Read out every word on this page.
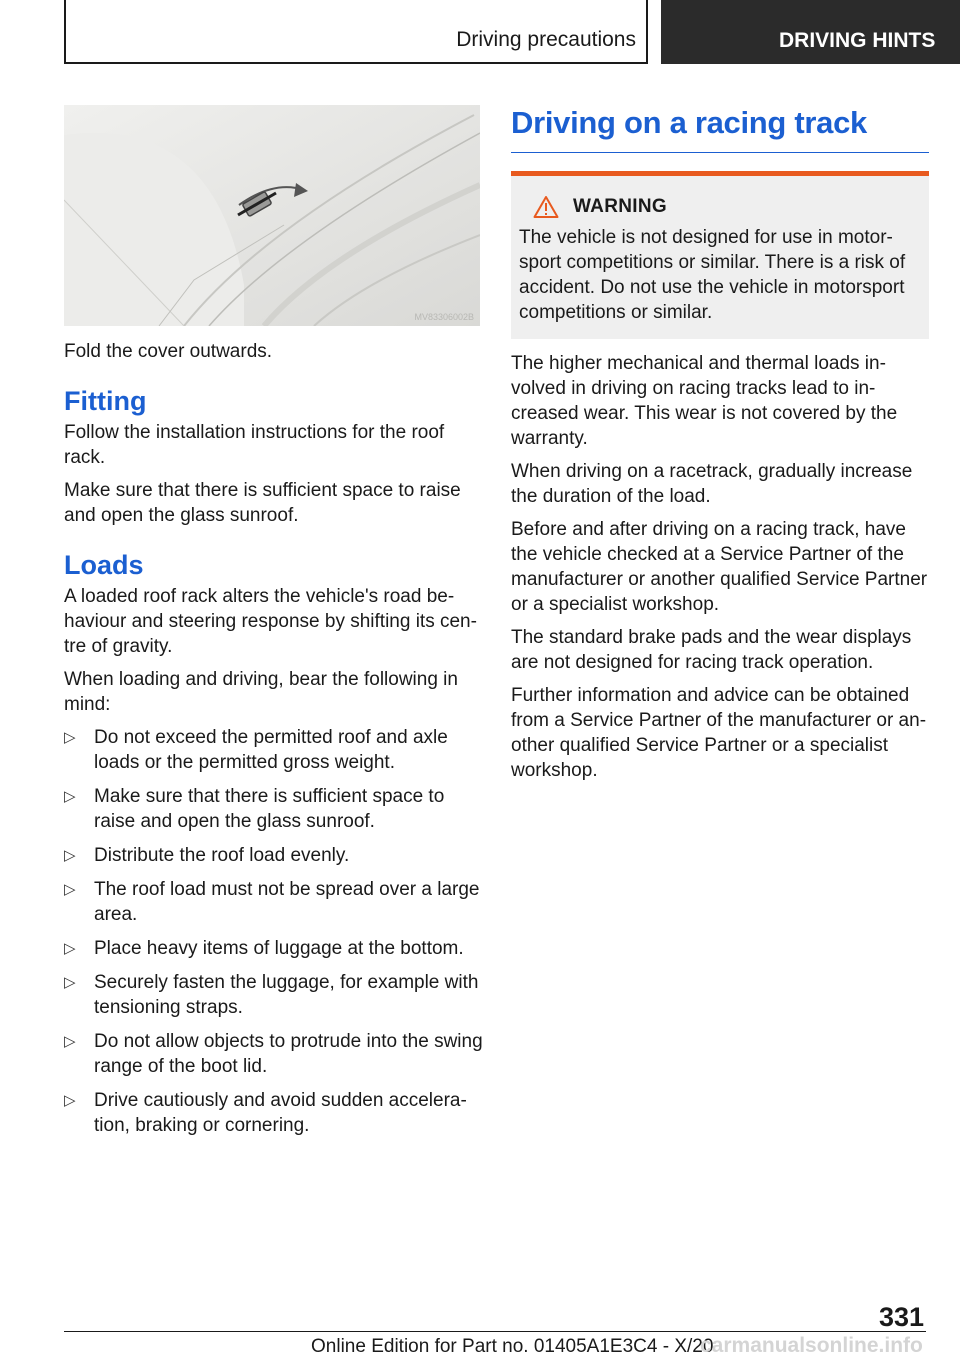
Driving precautions	DRIVING HINTS
MV83306002B

Fold the cover outwards.

Fitting

Follow the installation instructions for the roof rack.

Make sure that there is sufficient space to raise and open the glass sunroof.

Loads

A loaded roof rack alters the vehicle's road behaviour and steering response by shifting its centre of gravity.

When loading and driving, bear the following in mind:

▷ Do not exceed the permitted roof and axle loads or the permitted gross weight.
▷ Make sure that there is sufficient space to raise and open the glass sunroof.
▷ Distribute the roof load evenly.
▷ The roof load must not be spread over a large area.
▷ Place heavy items of luggage at the bottom.
▷ Securely fasten the luggage, for example with tensioning straps.
▷ Do not allow objects to protrude into the swing range of the boot lid.
▷ Drive cautiously and avoid sudden acceleration, braking or cornering.
Driving on a racing track
WARNING

The vehicle is not designed for use in motorsport competitions or similar. There is a risk of accident. Do not use the vehicle in motorsport competitions or similar.

The higher mechanical and thermal loads involved in driving on racing tracks lead to increased wear. This wear is not covered by the warranty.

When driving on a racetrack, gradually increase the duration of the load.

Before and after driving on a racing track, have the vehicle checked at a Service Partner of the manufacturer or another qualified Service Partner or a specialist workshop.

The standard brake pads and the wear displays are not designed for racing track operation.

Further information and advice can be obtained from a Service Partner of the manufacturer or another qualified Service Partner or a specialist workshop.

331
Online Edition for Part no. 01405A1E3C4 - X/20
carmanualsonline.info
